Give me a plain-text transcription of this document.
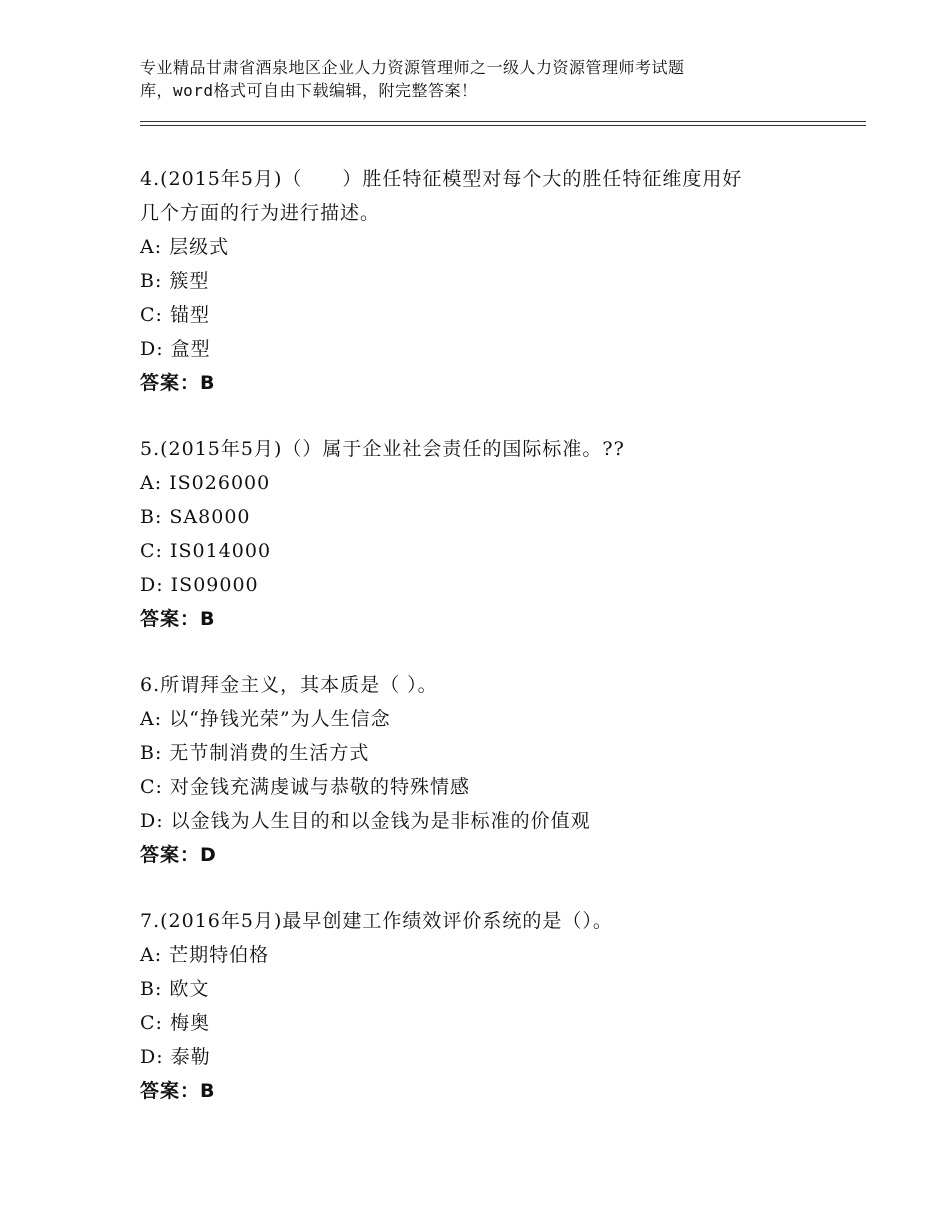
专业精品甘肃省酒泉地区企业人力资源管理师之一级人力资源管理师考试题
库，word格式可自由下载编辑，附完整答案！
4.(2015年5月)（　　）胜任特征模型对每个大的胜任特征维度用好
几个方面的行为进行描述。
A: 层级式
B: 簇型
C: 锚型
D: 盒型
答案：B
5.(2015年5月)（）属于企业社会责任的国际标准。??
A: IS026000
B: SA8000
C: IS014000
D: IS09000
答案：B
6.所谓拜金主义，其本质是（ ）。
A: 以“挣钱光荣”为人生信念
B: 无节制消费的生活方式
C: 对金钱充满虔诚与恭敬的特殊情感
D: 以金钱为人生目的和以金钱为是非标准的价值观
答案：D
7.(2016年5月)最早创建工作绩效评价系统的是（）。
A: 芒期特伯格
B: 欧文
C: 梅奥
D: 泰勒
答案：B
